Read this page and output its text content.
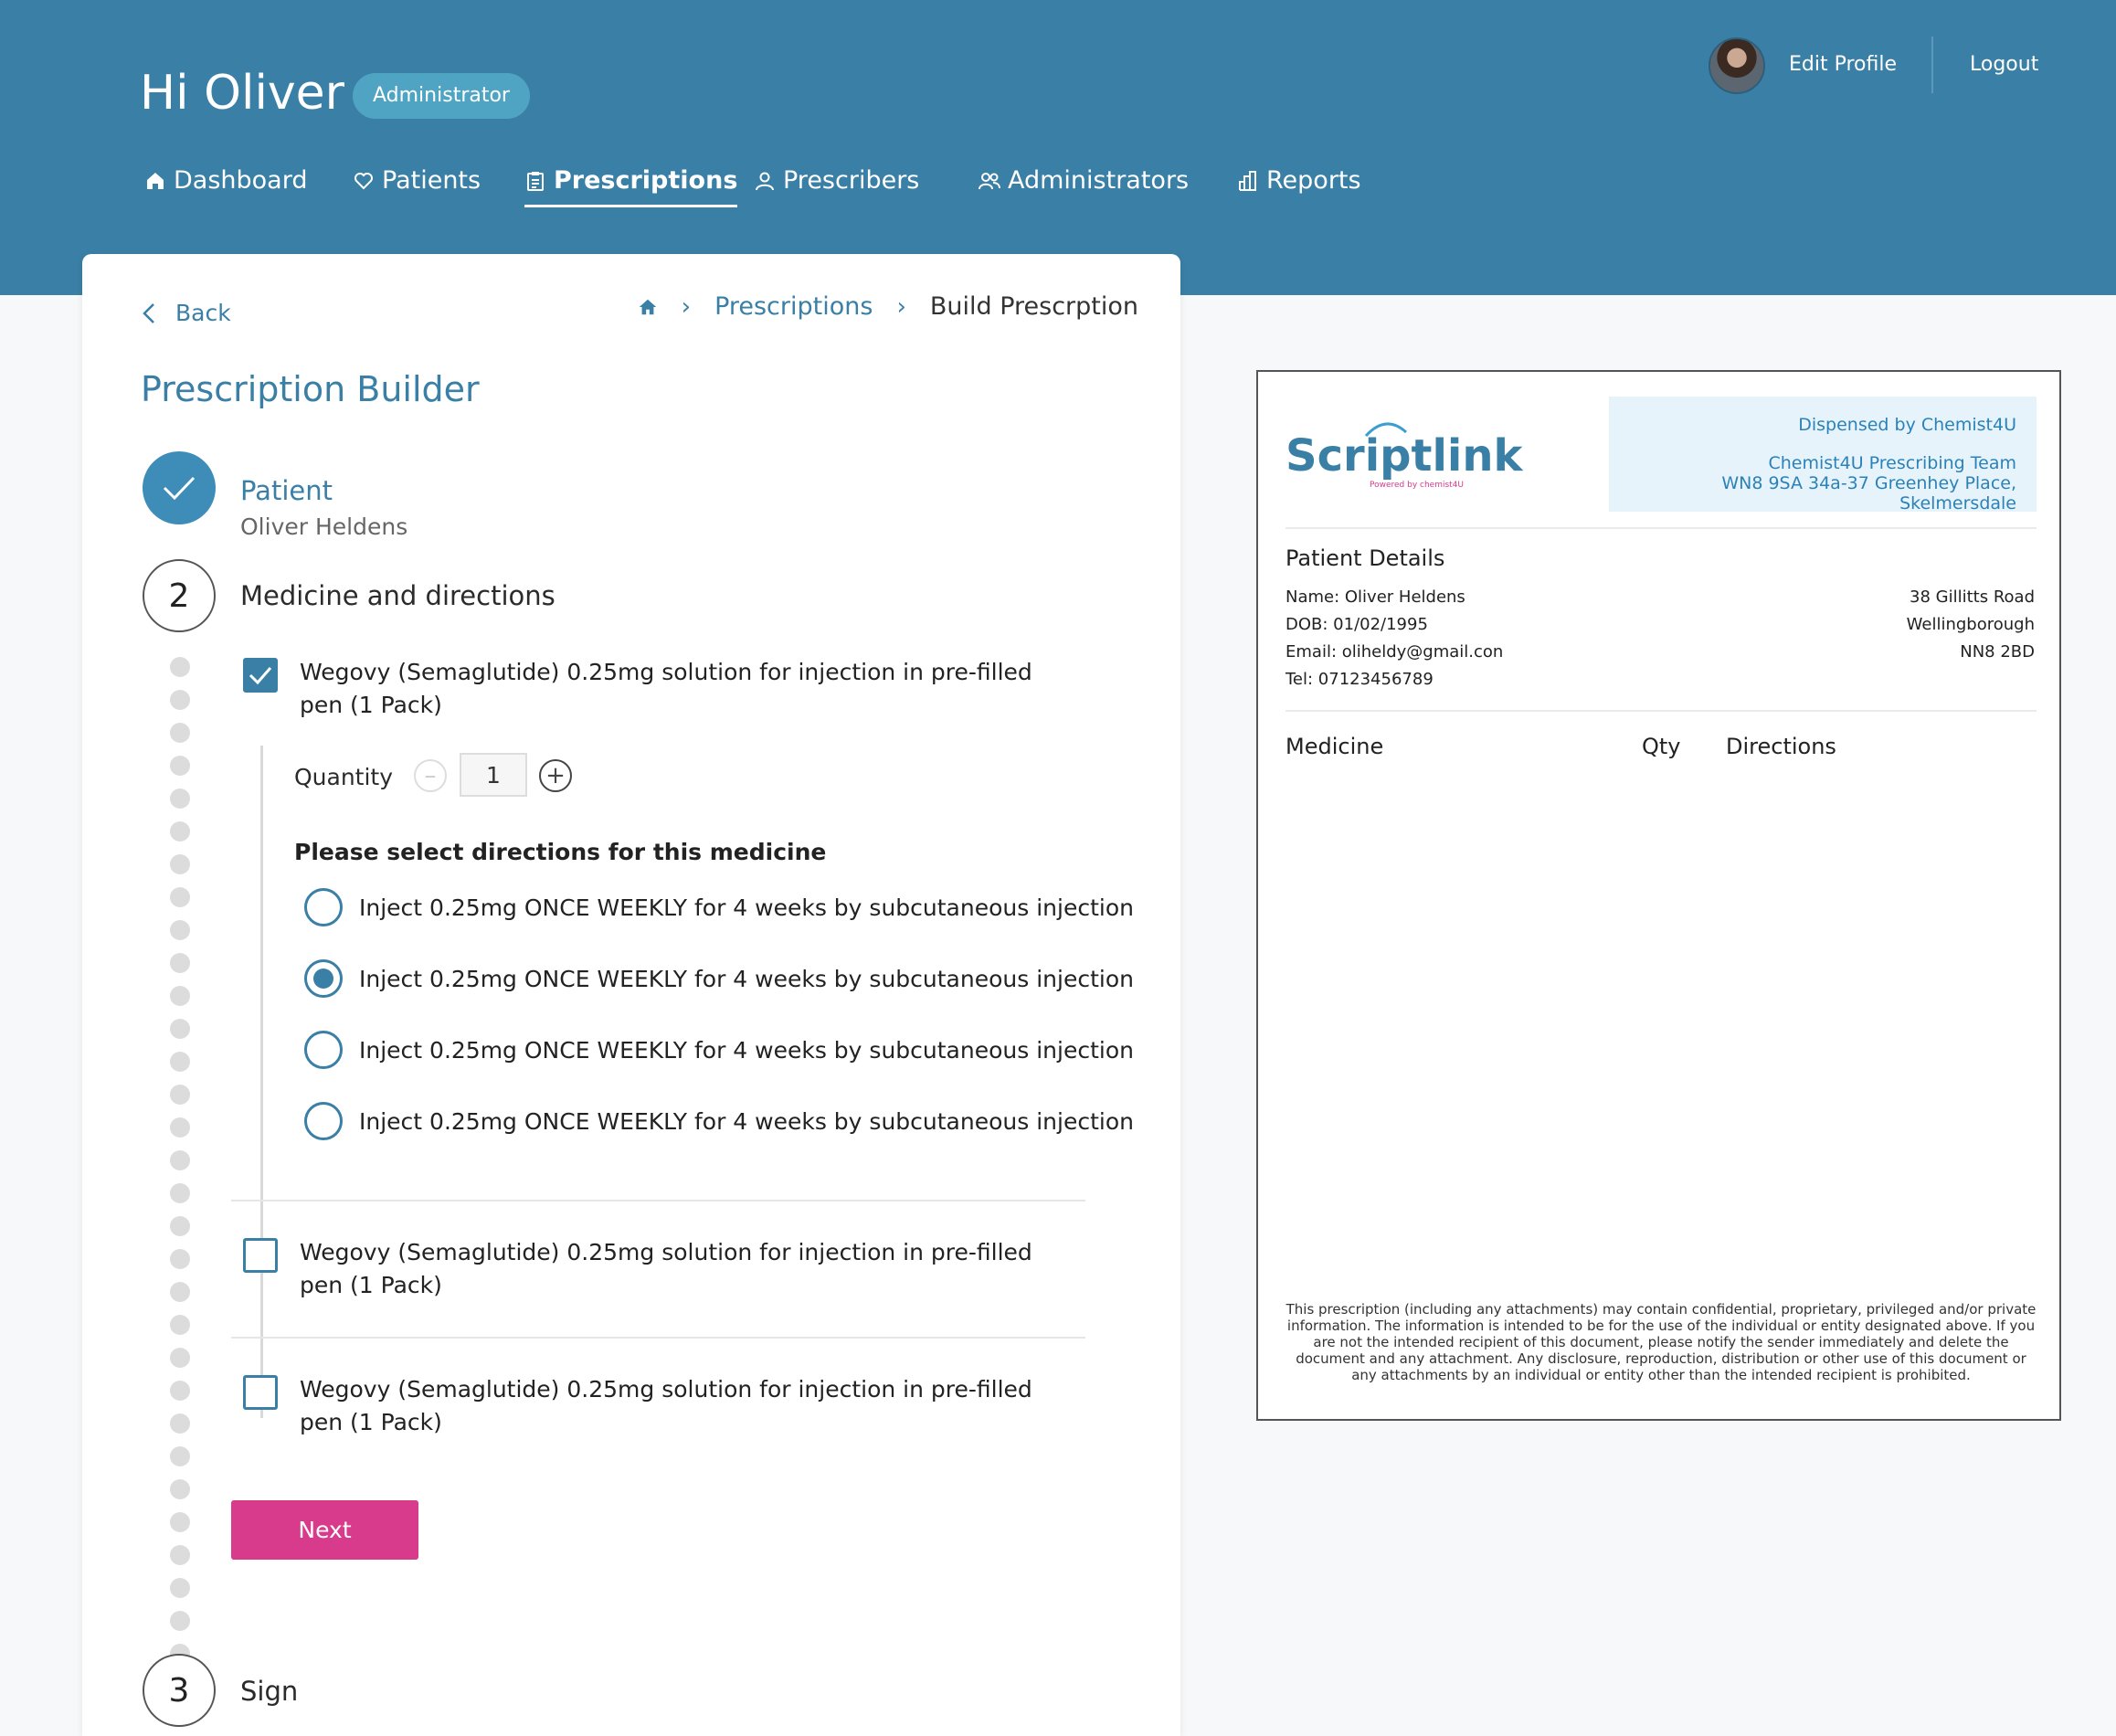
Hi Oliver	Administrator
Edit Profile	Logout
Dashboard	Patients	Prescriptions Prescribers	Administrators	Reports
Back	› Prescriptions › Build Prescrption
Prescription Builder
Patient
Oliver Heldens
2	Medicine and directions
Wegovy (Semaglutide) 0.25mg solution for injection in pre-filled pen (1 Pack)
Quantity	–
1	+
Please select directions for this medicine
Inject 0.25mg ONCE WEEKLY for 4 weeks by subcutaneous injection
Inject 0.25mg ONCE WEEKLY for 4 weeks by subcutaneous injection
Inject 0.25mg ONCE WEEKLY for 4 weeks by subcutaneous injection
Inject 0.25mg ONCE WEEKLY for 4 weeks by subcutaneous injection
Wegovy (Semaglutide) 0.25mg solution for injection in pre-filled pen (1 Pack)
Wegovy (Semaglutide) 0.25mg solution for injection in pre-filled pen (1 Pack)
Next
3	Sign
Scriptlink
Powered by chemist4U
Dispensed by Chemist4U
Chemist4U Prescribing Team
WN8 9SA 34a-37 Greenhey Place, Skelmersdale
Patient Details
Name: Oliver Heldens
DOB: 01/02/1995
Email: oliheldy@gmail.con
Tel: 07123456789
38 Gillitts Road
Wellingborough
NN8 2BD
Medicine	Qty Directions
This prescription (including any attachments) may contain confidential, proprietary, privileged and/or private information. The information is intended to be for the use of the individual or entity designated above. If you are not the intended recipient of this document, please notify the sender immediately and delete the document and any attachment. Any disclosure, reproduction, distribution or other use of this document or any attachments by an individual or entity other than the intended recipient is prohibited.
